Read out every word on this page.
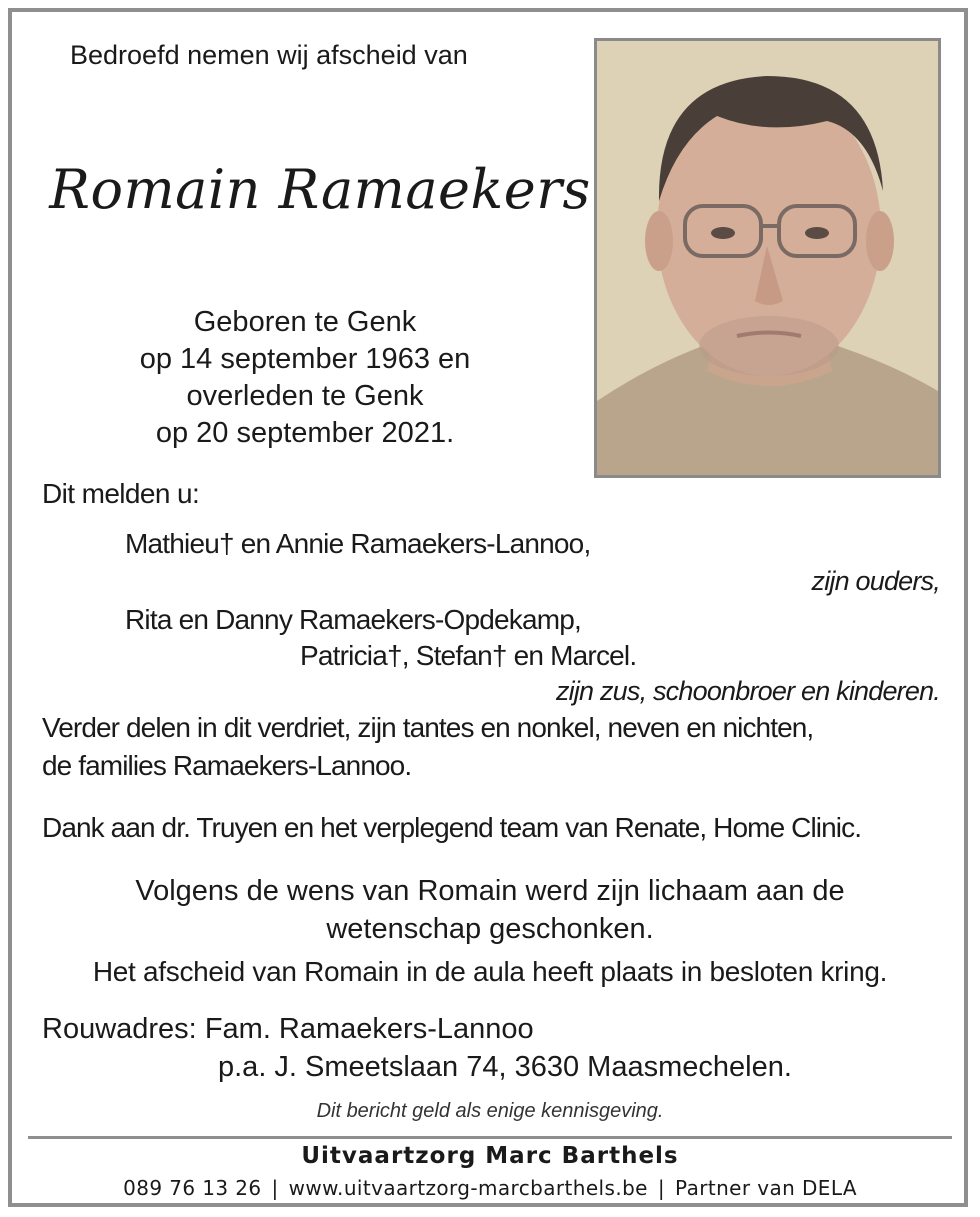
Bedroefd nemen wij afscheid van
Romain Ramaekers
Geboren te Genk
op 14 september 1963 en
overleden te Genk
op 20 september 2021.
Dit melden u:
Mathieu† en Annie Ramaekers-Lannoo,
zijn ouders,
Rita en Danny Ramaekers-Opdekamp,
Patricia†, Stefan† en Marcel.
zijn zus, schoonbroer en kinderen.
Verder delen in dit verdriet, zijn tantes en nonkel, neven en nichten,
de families Ramaekers-Lannoo.
Dank aan dr. Truyen en het verplegend team van Renate, Home Clinic.
Volgens de wens van Romain werd zijn lichaam aan de
wetenschap geschonken.
Het afscheid van Romain in de aula heeft plaats in besloten kring.
Rouwadres: Fam. Ramaekers-Lannoo
p.a. J. Smeetslaan 74, 3630 Maasmechelen.
Dit bericht geld als enige kennisgeving.
Uitvaartzorg Marc Barthels
089 76 13 26 | www.uitvaartzorg-marcbarthels.be | Partner van DELA
